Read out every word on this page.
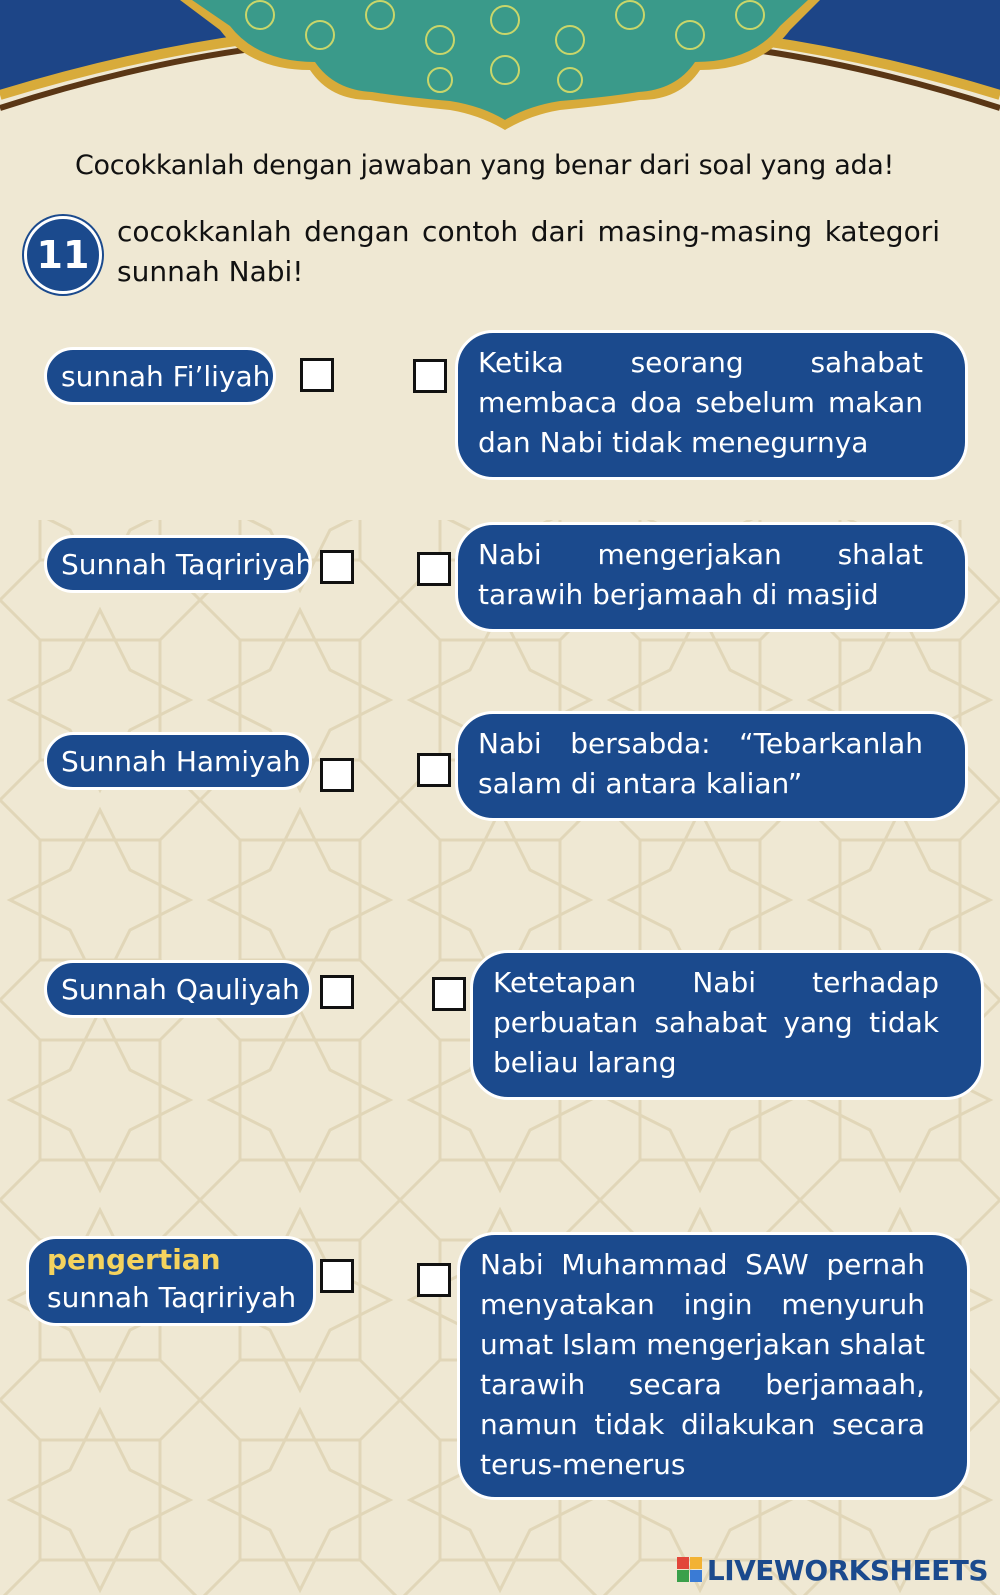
Cocokkanlah dengan jawaban yang benar dari soal yang ada!
11
cocokkanlah dengan contoh dari masing-masing kategori sunnah Nabi!
sunnah Fi’liyah
Sunnah Taqririyah
Sunnah Hamiyah
Sunnah Qauliyah
pengertian
sunnah Taqririyah
Ketika seorang sahabat membaca doa sebelum makan dan Nabi tidak menegurnya
Nabi mengerjakan shalat tarawih berjamaah di masjid
Nabi bersabda: “Tebarkanlah salam di antara kalian”
Ketetapan Nabi terhadap perbuatan sahabat yang tidak beliau larang
Nabi Muhammad SAW pernah menyatakan ingin menyuruh umat Islam mengerjakan shalat tarawih secara berjamaah, namun tidak dilakukan secara terus-menerus
LIVEWORKSHEETS
